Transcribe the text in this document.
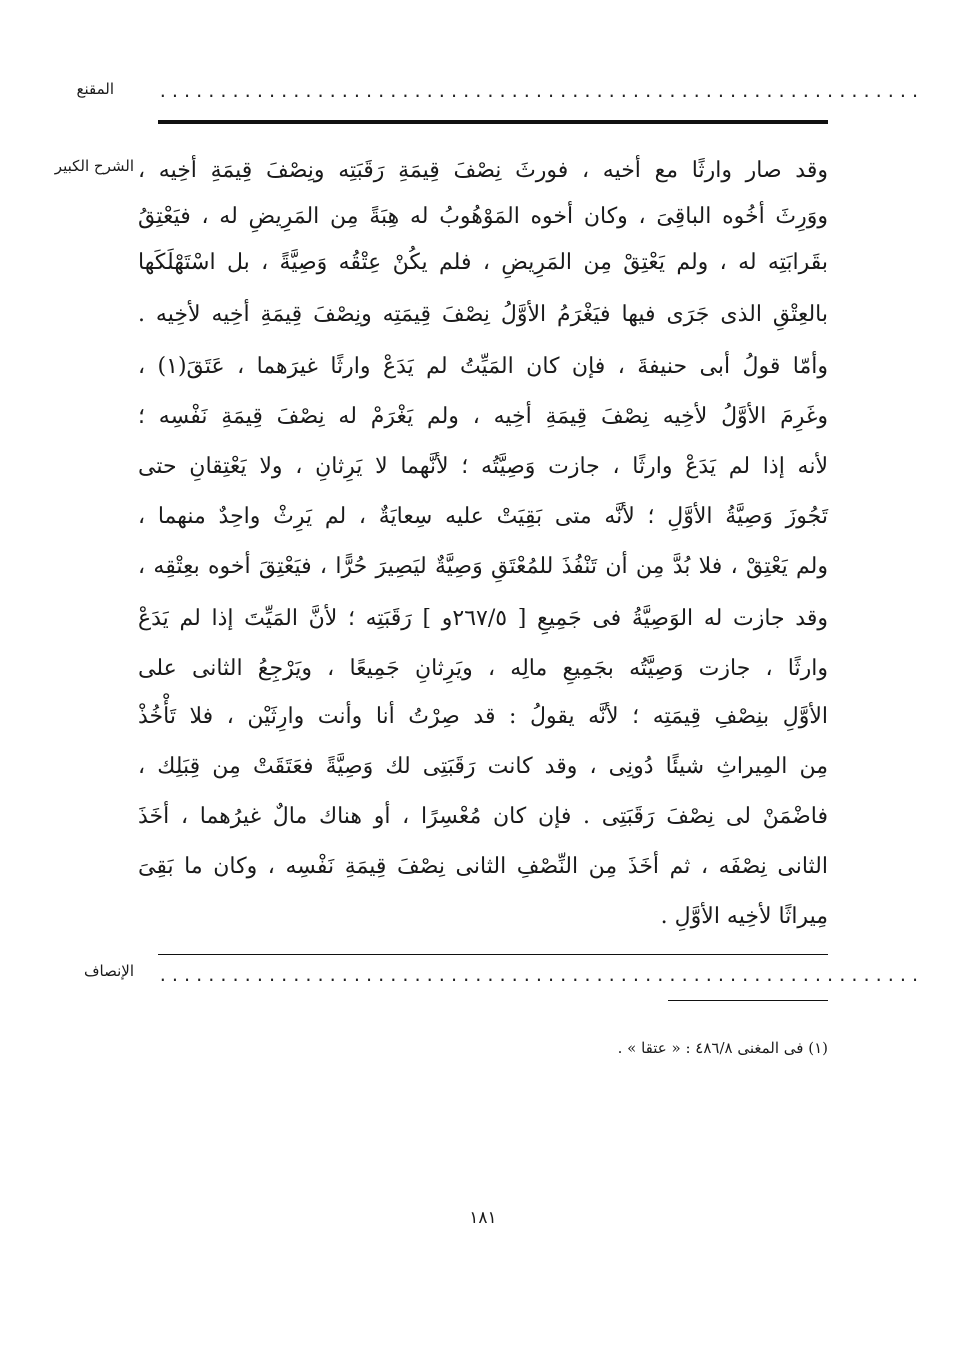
المقنع	...............................................................
الشرح الكبير وقد صار وارثًا مع أخيه ، فورثَ نِصْفَ قِيمَةِ رَقَبَتِه ونِصْفَ قِيمَةِ أخِيه ،
ووَرِثَ أخُوه الباقِىَ ، وكان أخوه المَوْهُوبُ له هِبَةً مِن المَرِيضِ له ، فيَعْتِقُ
بقَرابَتِه له ، ولم يَعْتِقْ مِن المَرِيضِ ، فلم يكُنْ عِتْقُه وَصِيَّةً ، بل اسْتَهْلَكَها
بالعِتْقِ الذى جَرَى فيها فيَغْرَمُ الأوَّلُ نِصْفَ قِيمَتِه ونِصْفَ قِيمَةِ أخِيه لأخِيه .
وأمّا قولُ أبى حنيفةَ ، فإن كان المَيِّتُ لم يَدَعْ وارثًا غيرَهما ، عَتَقَ(١) ،
وغَرِمَ الأوَّلُ لأخِيه نِصْفَ قِيمَةِ أخِيه ، ولم يَغْرَمْ له نِصْفَ قِيمَةِ نَفْسِه ؛
لأنه إذا لم يَدَعْ وارثًا ، جازت وَصِيَّتُه ؛ لأنَّهما لا يَرِثانِ ، ولا يَعْتِقانِ حتى
تَجُوزَ وَصِيَّةُ الأوَّلِ ؛ لأنَّه متى بَقِيَتْ عليه سِعايَةٌ ، لم يَرِثْ واحِدٌ منهما ،
ولم يَعْتِقْ ، فلا بُدَّ مِن أن تَنْفُذَ للمُعْتَقِ وَصِيَّةٌ ليَصِيرَ حُرًّا ، فيَعْتِقَ أخوه بعِتْقِه ،
وقد جازت له الوَصِيَّةُ فى جَمِيعِ [ ٢٦٧/٥و ] رَقَبَتِه ؛ لأنَّ المَيِّتَ إذا لم يَدَعْ
وارثًا ، جازت وَصِيَّتُه بجَمِيعِ مالِه ، ويَرِثانِ جَمِيعًا ، ويَرْجِعُ الثانى على
الأوَّلِ بنِصْفِ قِيمَتِه ؛ لأنَّه يقولُ : قد صِرْتُ أنا وأنت وارِثَيْن ، فلا تَأْخُذْ
مِن المِيراثِ شيئًا دُونِى ، وقد كانت رَقَبَتِى لك وَصِيَّةً فعَتَقَتْ مِن قِبَلِك ،
فاضْمَنْ لى نِصْفَ رَقَبَتِى . فإن كان مُعْسِرًا ، أو هناك مالٌ غيرُهما ، أخَذَ
الثانى نِصْفَه ، ثم أخَذَ مِن النِّصْفِ الثانى نِصْفَ قِيمَةِ نَفْسِه ، وكان ما بَقِىَ
مِيراثًا لأخِيه الأوَّلِ .
الإنصاف ...............................................................
(١) فى المغنى ٤٨٦/٨ : « عتقا » .
١٨١
